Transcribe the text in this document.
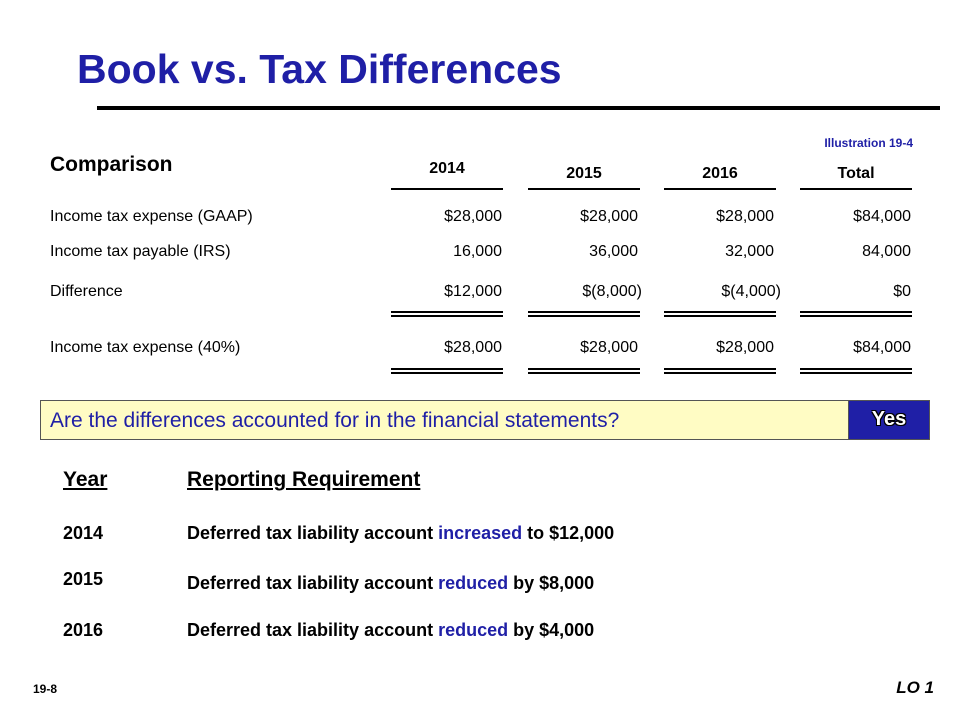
Book vs. Tax Differences
Illustration 19-4
Comparison	2014	2015	2016	Total
Income tax expense (GAAP)	$28,000	$28,000	$28,000	$84,000
Income tax payable (IRS)	16,000	36,000	32,000	84,000
Difference	$12,000	$(8,000)	$(4,000)	$0
Income tax expense (40%)	$28,000	$28,000	$28,000	$84,000
Are the differences accounted for in the financial statements?	Yes
Year	Reporting Requirement
2014	Deferred tax liability account increased to $12,000
2015	Deferred tax liability account reduced by $8,000
2016	Deferred tax liability account reduced by $4,000
19-8	LO 1
